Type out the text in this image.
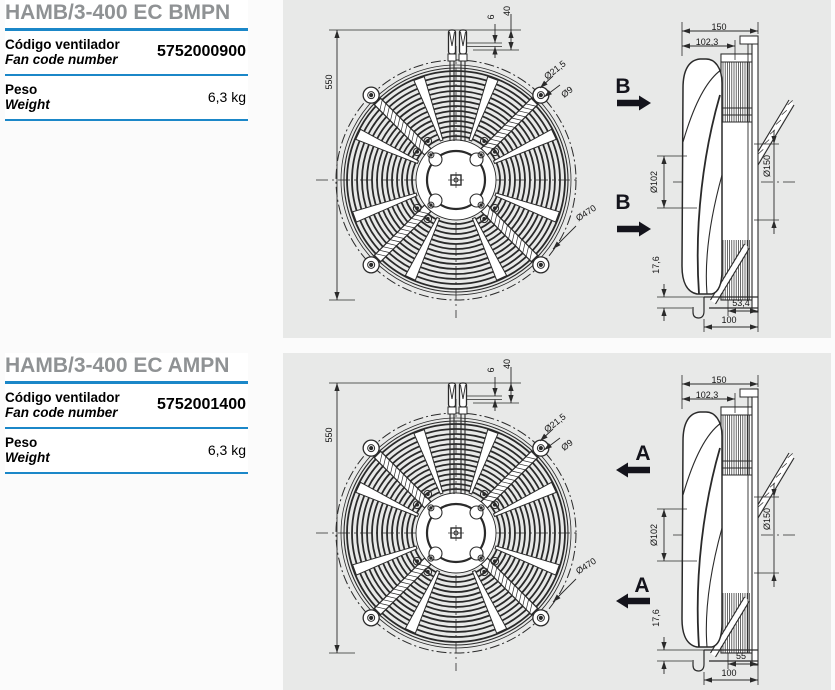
HAMB/3-400 EC BMPN
Código ventilador
Fan code number 5752000900
Peso
Weight	6,3 kg
550
6
40
Ø21,5
Ø9
Ø470
150
102,3
Ø102
Ø150
17,6
53,4
100
B
B
HAMB/3-400 EC AMPN
Código ventilador
Fan code number 5752001400
Peso
Weight	6,3 kg
550
6
40
Ø21,5
Ø9
Ø470
150
102,3
Ø102
Ø150
17,6
55
100
A
A
